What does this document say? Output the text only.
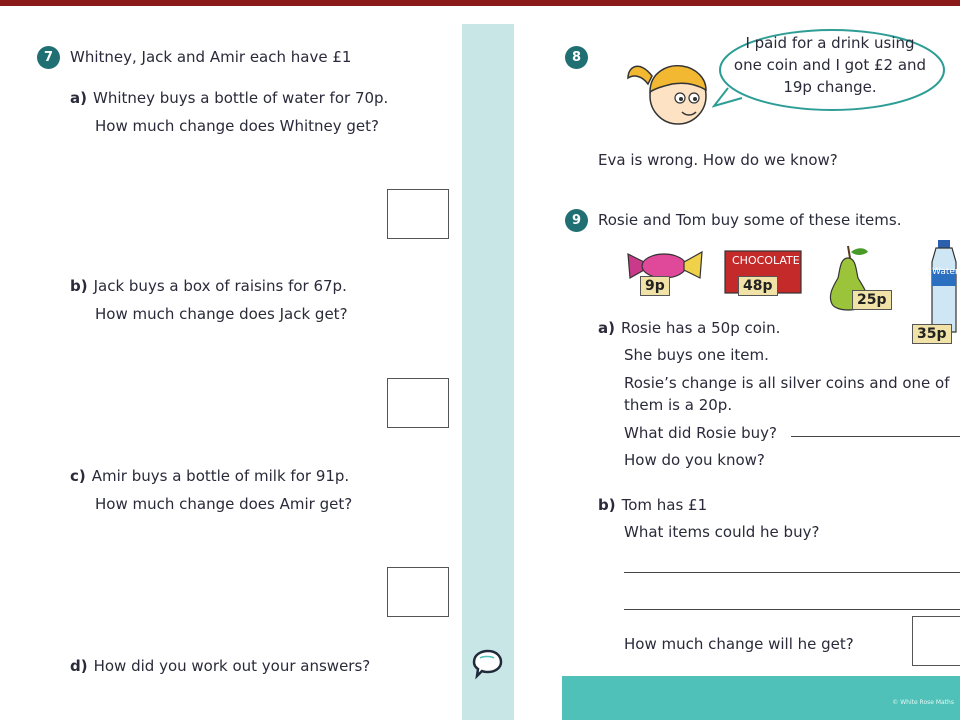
7	Whitney, Jack and Amir each have £1
a) Whitney buys a bottle of water for 70p.
How much change does Whitney get?
b) Jack buys a box of raisins for 67p.
How much change does Jack get?
c) Amir buys a bottle of milk for 91p.
How much change does Amir get?
d) How did you work out your answers?
8
I paid for a drink using one coin and I got £2 and 19p change.
Eva is wrong. How do we know?
9	Rosie and Tom buy some of these items.
9p
CHOCOLATE
48p
25p
Water
35p
a) Rosie has a 50p coin.
She buys one item.
Rosie’s change is all silver coins and one of
them is a 20p.
What did Rosie buy?
How do you know?
b) Tom has £1
What items could he buy?
How much change will he get?
© White Rose Maths
